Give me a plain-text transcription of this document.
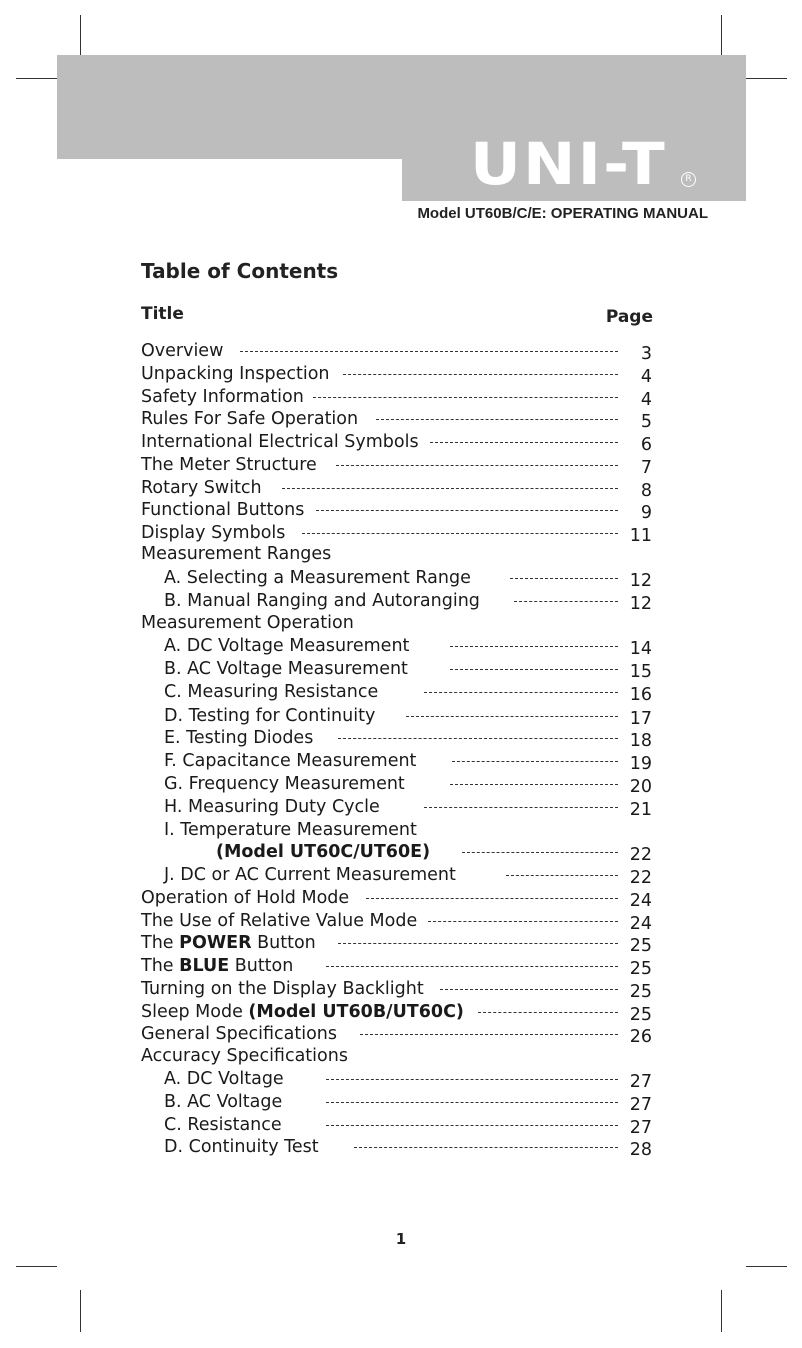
UNI-T	R
Model UT60B/C/E: OPERATING MANUAL
Table of Contents
Title	Page
Overview	3
Unpacking Inspection	4
Safety Information	4
Rules For Safe Operation	5
International Electrical Symbols	6
The Meter Structure	7
Rotary Switch	8
Functional Buttons	9
Display Symbols	11
Measurement Ranges
A. Selecting a Measurement Range	12
B. Manual Ranging and Autoranging	12
Measurement Operation
A. DC Voltage Measurement	14
B. AC Voltage Measurement	15
C. Measuring Resistance	16
D. Testing for Continuity	17
E. Testing Diodes	18
F. Capacitance Measurement	19
G. Frequency Measurement	20
H. Measuring Duty Cycle	21
I. Temperature Measurement
(Model UT60C/UT60E)	22
J. DC or AC Current Measurement	22
Operation of Hold Mode	24
The Use of Relative Value Mode	24
The POWER Button	25
The BLUE Button	25
Turning on the Display Backlight	25
Sleep Mode (Model UT60B/UT60C)	25
General Specifications	26
Accuracy Specifications
A. DC Voltage	27
B. AC Voltage	27
C. Resistance	27
D. Continuity Test	28
1
